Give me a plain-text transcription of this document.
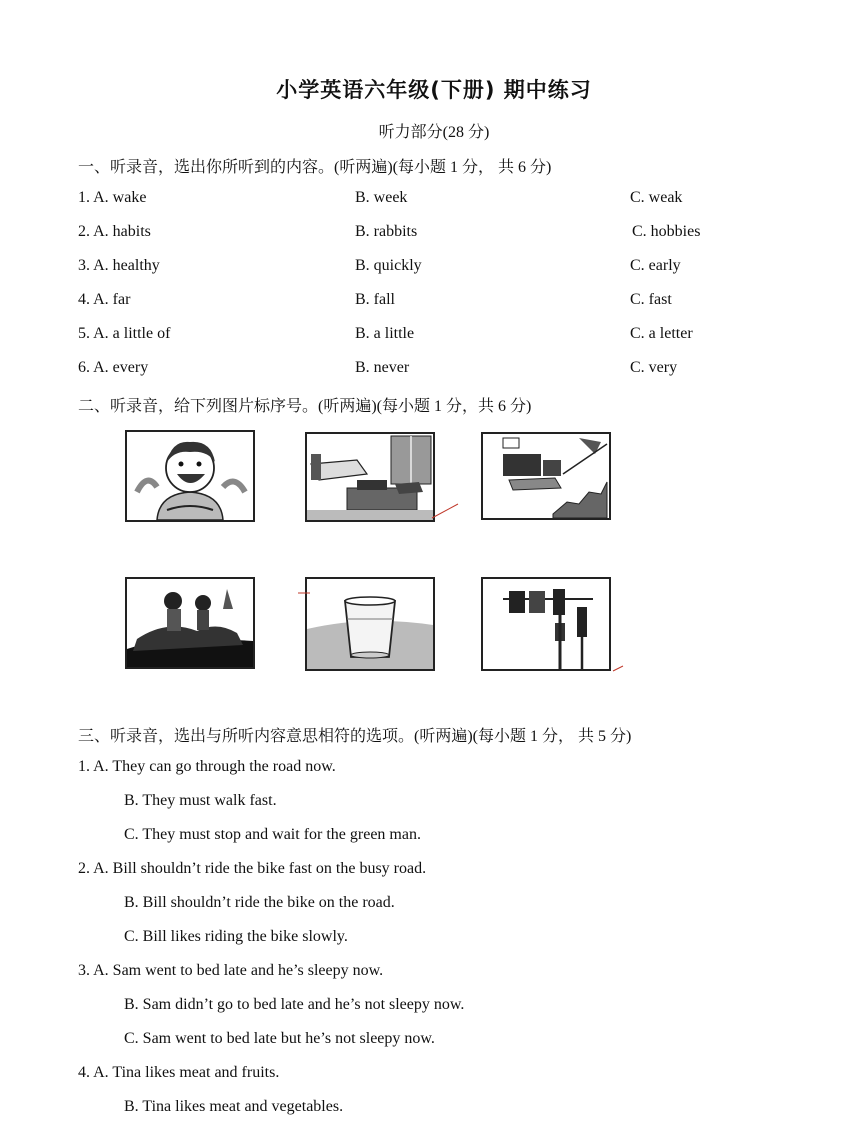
小学英语六年级(下册) 期中练习
听力部分(28 分)
一、听录音，选出你所听到的内容。(听两遍)(每小题 1 分， 共 6 分)
1. A. wake	B. week	C. weak
2. A. habits	B. rabbits	C. hobbies
3. A. healthy	B. quickly	C. early
4. A. far	B. fall	C. fast
5. A. a little of	B. a little	C. a letter
6. A. every	B. never	C. very
二、听录音，给下列图片标序号。(听两遍)(每小题 1 分，共 6 分)
三、听录音，选出与所听内容意思相符的选项。(听两遍)(每小题 1 分， 共 5 分)
1. A. They can go through the road now.
B. They must walk fast.
C. They must stop and wait for the green man.
2. A. Bill shouldn’t ride the bike fast on the busy road.
B. Bill shouldn’t ride the bike on the road.
C. Bill likes riding the bike slowly.
3. A. Sam went to bed late and he’s sleepy now.
B. Sam didn’t go to bed late and he’s not sleepy now.
C. Sam went to bed late but he’s not sleepy now.
4. A. Tina likes meat and fruits.
B. Tina likes meat and vegetables.
